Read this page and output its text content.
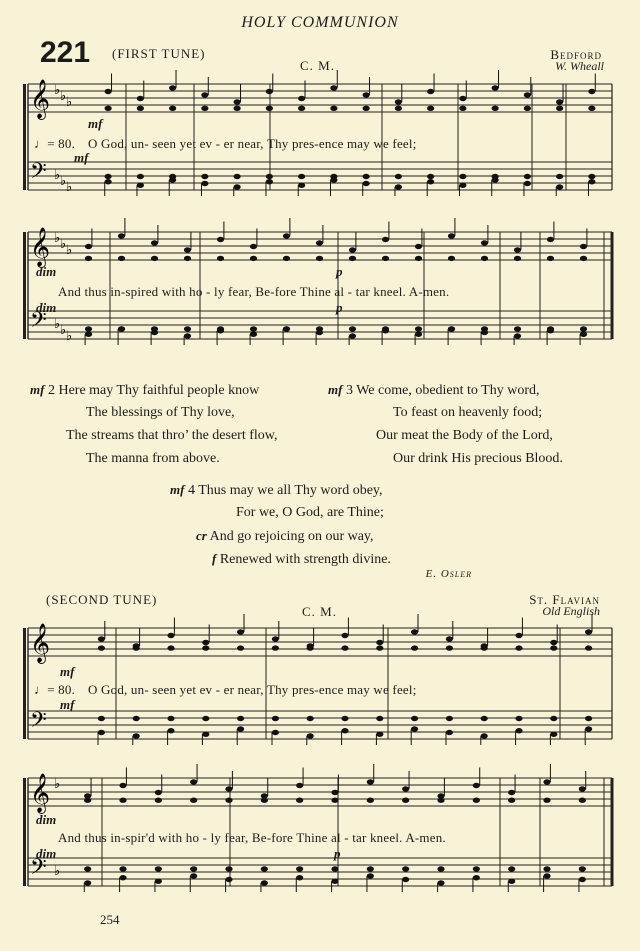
HOLY COMMUNION
221 (FIRST TUNE)
C. M.
Bedford
W. Wheall
𝄞
𝄢
♭
♭
♭
♭
♭
♭
𝄞
𝄢
♭
♭
♭
♭
♭
♭
𝄞
𝄢
𝄞
𝄢
♭
♭
mf
♩= 80. O God, un- seen yet ev - er near, Thy pres-ence may we feel;
mf
dim	p
And thus in-spired with ho - ly fear, Be-fore Thine al - tar kneel. A-men.
dim	p
mf 2 Here may Thy faithful people know
The blessings of Thy love,
The streams that thro’ the desert flow,
The manna from above.
mf 3 We come, obedient to Thy word,
To feast on heavenly food;
Our meat the Body of the Lord,
Our drink His precious Blood.
mf 4 Thus may we all Thy word obey,
For we, O God, are Thine;
cr And go rejoicing on our way,
f Renewed with strength divine.
E. Osler
(SECOND TUNE)
C. M.
St. Flavian
Old English
mf
♩= 80. O God, un- seen yet ev - er near, Thy pres-ence may we feel;
mf
dim
And thus in-spir'd with ho - ly fear, Be-fore Thine al - tar kneel. A-men.
dim	p
254
